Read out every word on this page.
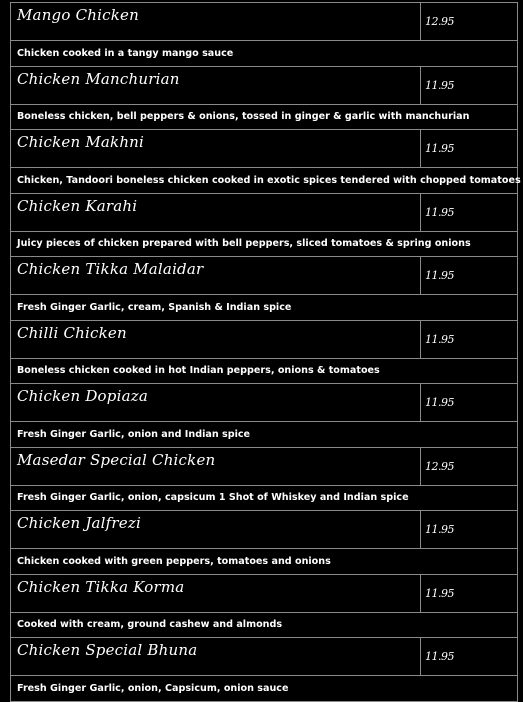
Mango Chicken	12.95
Chicken cooked in a tangy mango sauce
Chicken Manchurian	11.95
Boneless chicken, bell peppers & onions, tossed in ginger & garlic with manchurian
Chicken Makhni	11.95
Chicken, Tandoori boneless chicken cooked in exotic spices tendered with chopped tomatoes
Chicken Karahi	11.95
Juicy pieces of chicken prepared with bell peppers, sliced tomatoes & spring onions
Chicken Tikka Malaidar	11.95
Fresh Ginger Garlic, cream, Spanish & Indian spice
Chilli Chicken	11.95
Boneless chicken cooked in hot Indian peppers, onions & tomatoes
Chicken Dopiaza	11.95
Fresh Ginger Garlic, onion and Indian spice
Masedar Special Chicken	12.95
Fresh Ginger Garlic, onion, capsicum 1 Shot of Whiskey and Indian spice
Chicken Jalfrezi	11.95
Chicken cooked with green peppers, tomatoes and onions
Chicken Tikka Korma	11.95
Cooked with cream, ground cashew and almonds
Chicken Special Bhuna	11.95
Fresh Ginger Garlic, onion, Capsicum, onion sauce
